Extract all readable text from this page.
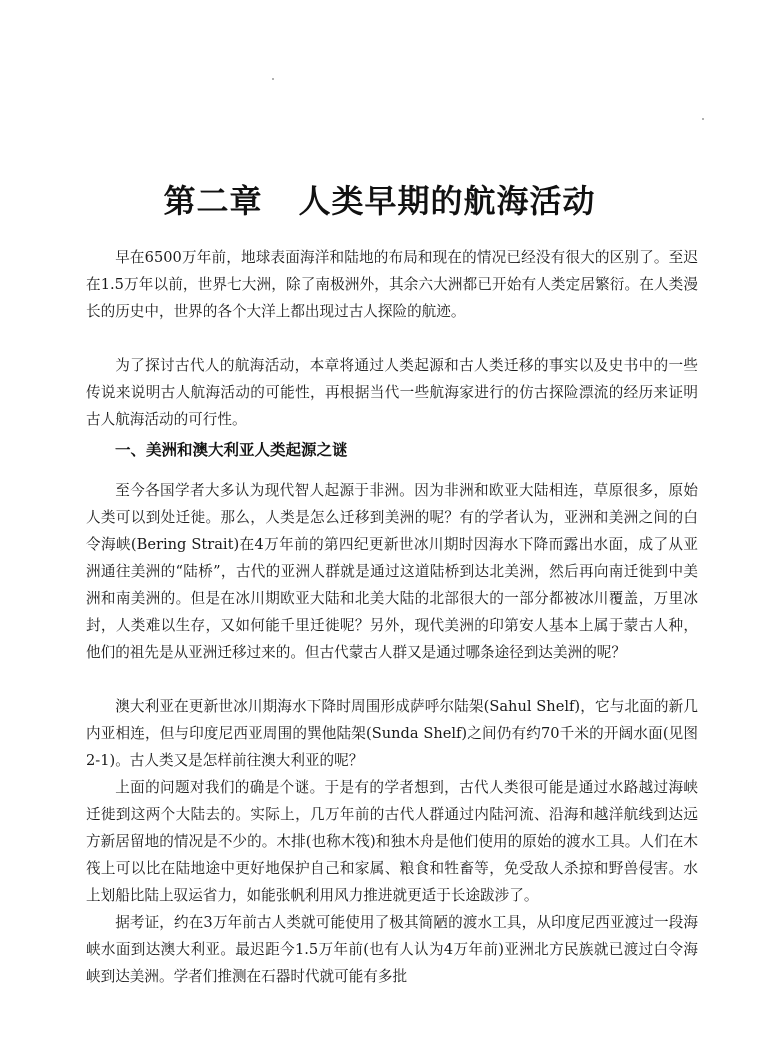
第二章 人类早期的航海活动

早在6500万年前，地球表面海洋和陆地的布局和现在的情况已经没有很大的区别了。至迟在1.5万年以前，世界七大洲，除了南极洲外，其余六大洲都已开始有人类定居繁衍。在人类漫长的历史中，世界的各个大洋上都出现过古人探险的航迹。

为了探讨古代人的航海活动，本章将通过人类起源和古人类迁移的事实以及史书中的一些传说来说明古人航海活动的可能性，再根据当代一些航海家进行的仿古探险漂流的经历来证明古人航海活动的可行性。

一、美洲和澳大利亚人类起源之谜

至今各国学者大多认为现代智人起源于非洲。因为非洲和欧亚大陆相连，草原很多，原始人类可以到处迁徙。那么，人类是怎么迁移到美洲的呢？有的学者认为，亚洲和美洲之间的白令海峡(Bering Strait)在4万年前的第四纪更新世冰川期时因海水下降而露出水面，成了从亚洲通往美洲的“陆桥”，古代的亚洲人群就是通过这道陆桥到达北美洲，然后再向南迁徙到中美洲和南美洲的。但是在冰川期欧亚大陆和北美大陆的北部很大的一部分都被冰川覆盖，万里冰封，人类难以生存，又如何能千里迁徙呢？另外，现代美洲的印第安人基本上属于蒙古人种，他们的祖先是从亚洲迁移过来的。但古代蒙古人群又是通过哪条途径到达美洲的呢？

澳大利亚在更新世冰川期海水下降时周围形成萨呼尔陆架(Sahul Shelf)，它与北面的新几内亚相连，但与印度尼西亚周围的巽他陆架(Sunda Shelf)之间仍有约70千米的开阔水面(见图2-1)。古人类又是怎样前往澳大利亚的呢？

上面的问题对我们的确是个谜。于是有的学者想到，古代人类很可能是通过水路越过海峡迁徙到这两个大陆去的。实际上，几万年前的古代人群通过内陆河流、沿海和越洋航线到达远方新居留地的情况是不少的。木排(也称木筏)和独木舟是他们使用的原始的渡水工具。人们在木筏上可以比在陆地途中更好地保护自己和家属、粮食和牲畜等，免受敌人杀掠和野兽侵害。水上划船比陆上驭运省力，如能张帆利用风力推进就更适于长途跋涉了。

据考证，约在3万年前古人类就可能使用了极其简陋的渡水工具，从印度尼西亚渡过一段海峡水面到达澳大利亚。最迟距今1.5万年前(也有人认为4万年前)亚洲北方民族就已渡过白令海峡到达美洲。学者们推测在石器时代就可能有多批
